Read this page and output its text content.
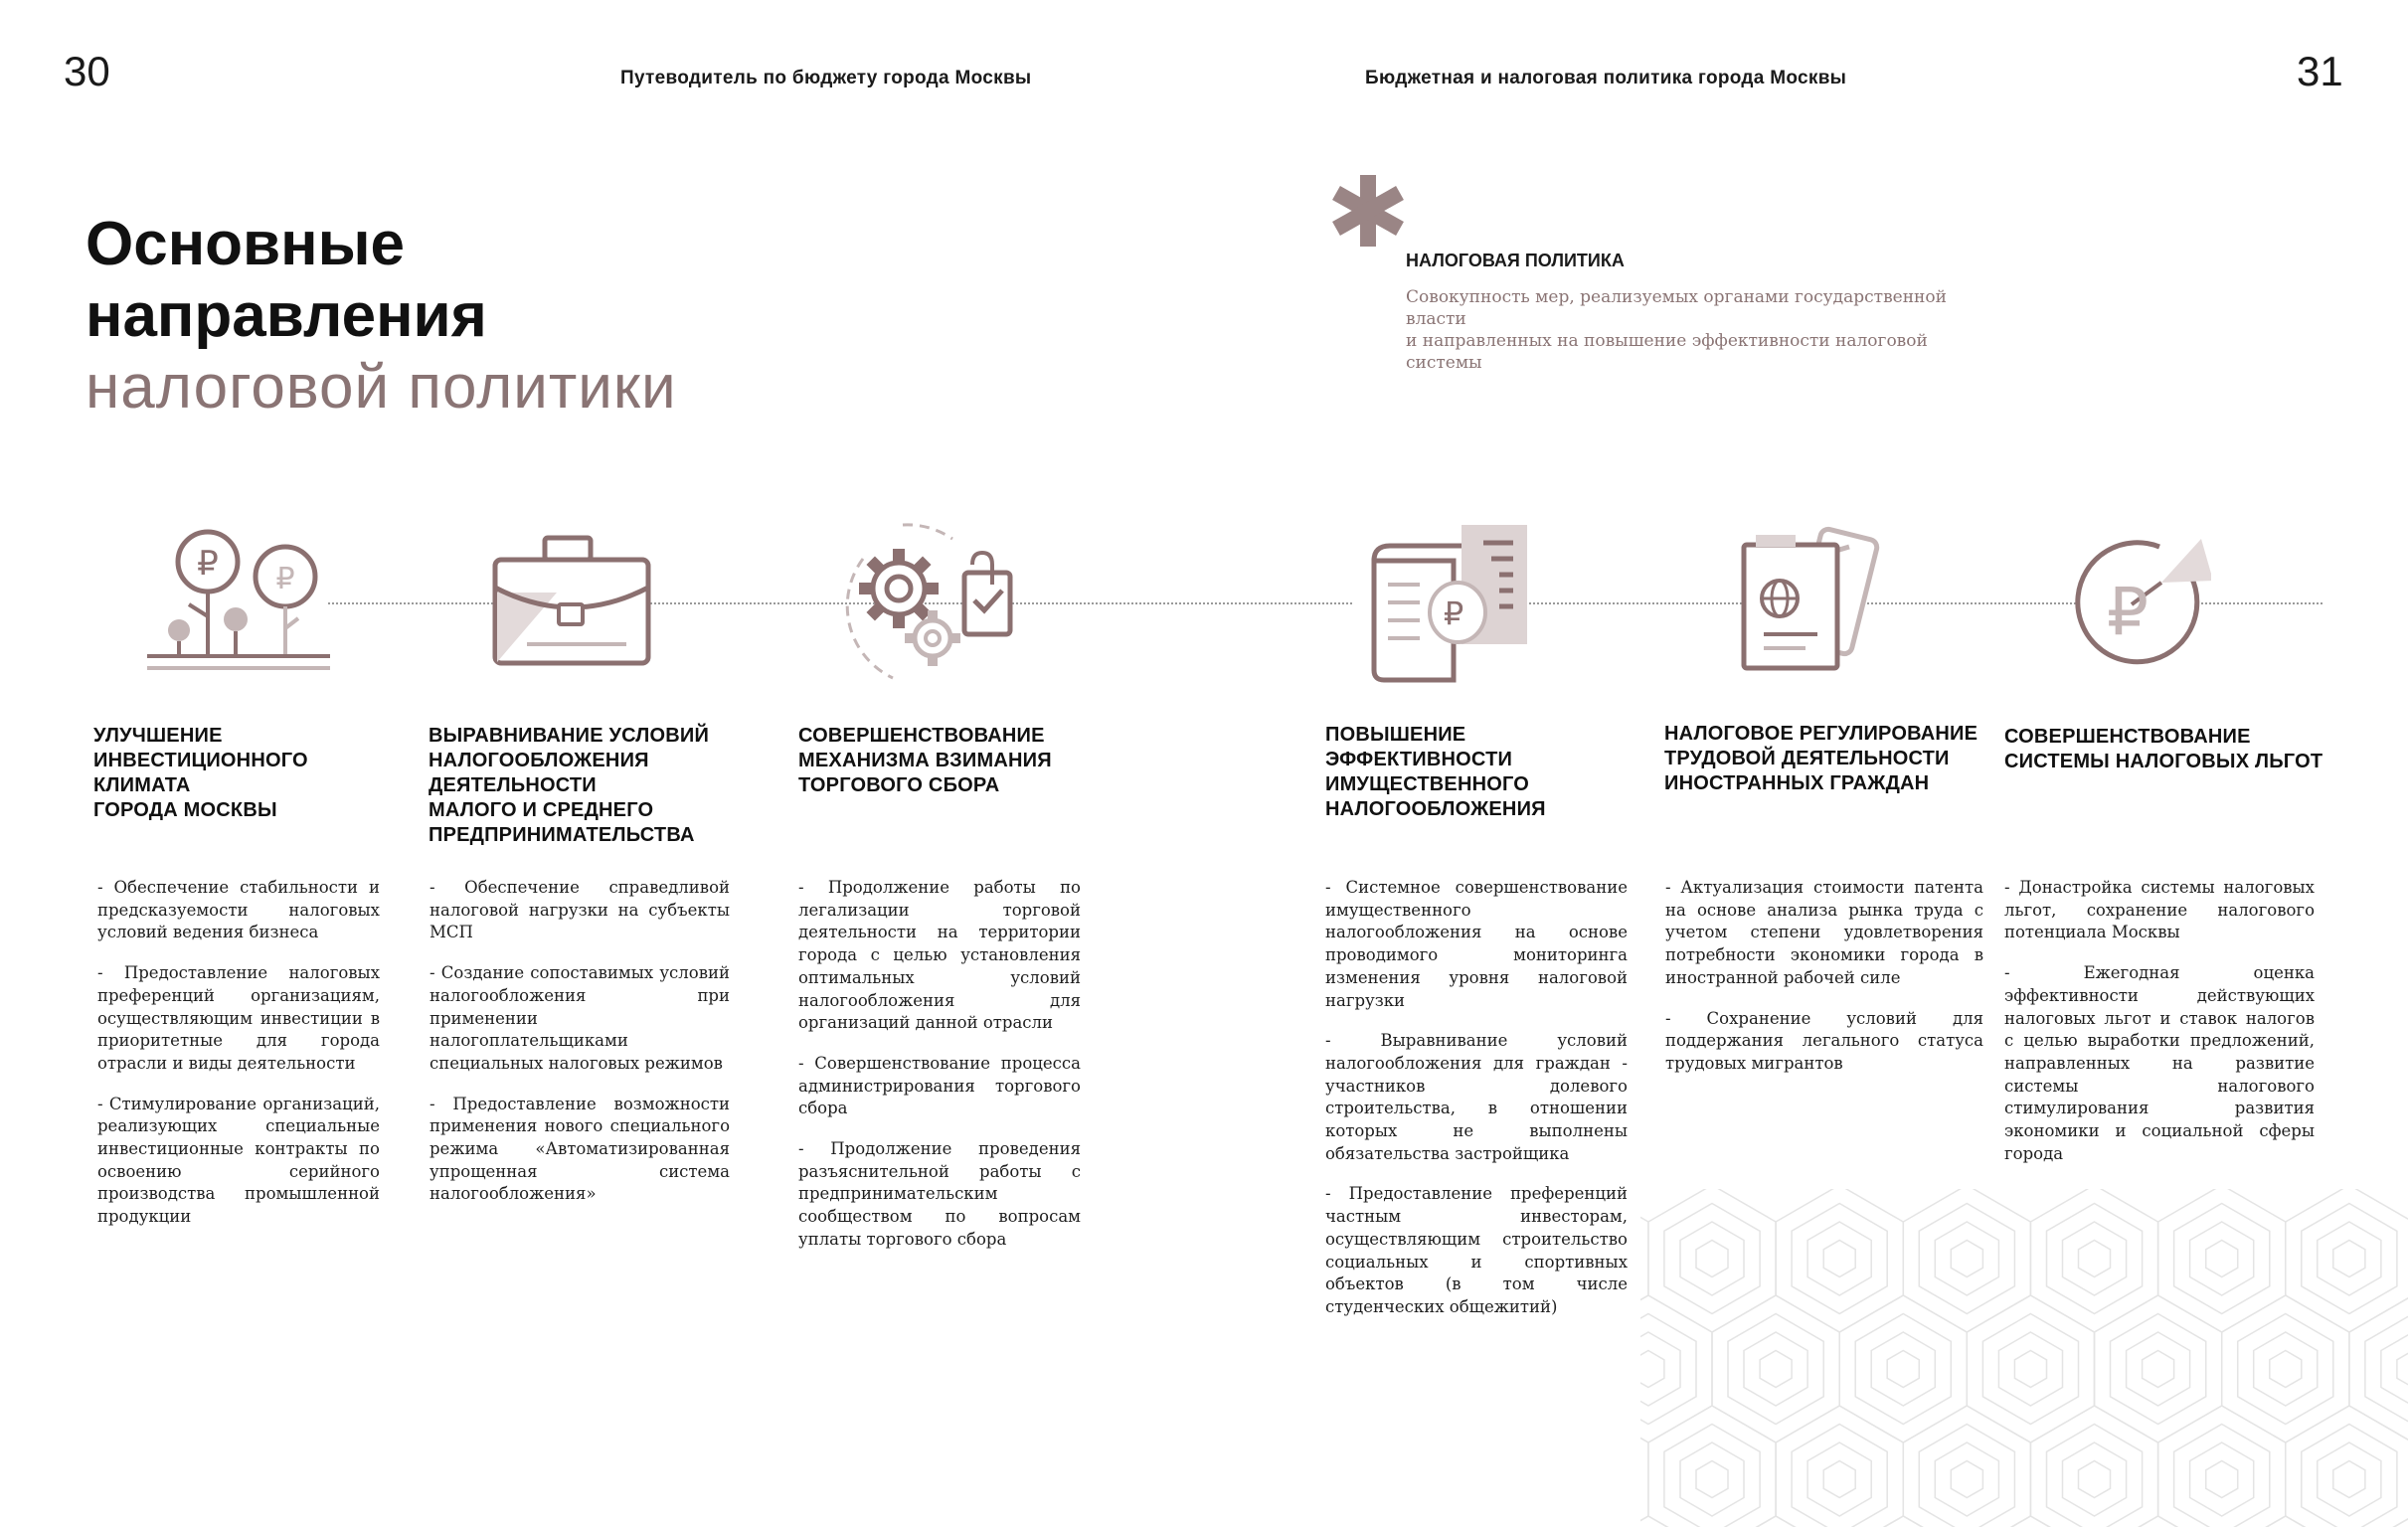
30	31
Путеводитель по бюджету города Москвы	Бюджетная и налоговая политика города Москвы
Основные
направления
налоговой политики
НАЛОГОВАЯ ПОЛИТИКА
Совокупность мер, реализуемых органами государственной власти
и направленных на повышение эффективности налоговой системы
₽ ₽
₽	₽
УЛУЧШЕНИЕ
ИНВЕСТИЦИОННОГО КЛИМАТА
ГОРОДА МОСКВЫ
ВЫРАВНИВАНИЕ УСЛОВИЙ
НАЛОГООБЛОЖЕНИЯ
ДЕЯТЕЛЬНОСТИ
МАЛОГО И СРЕДНЕГО
ПРЕДПРИНИМАТЕЛЬСТВА
СОВЕРШЕНСТВОВАНИЕ
МЕХАНИЗМА ВЗИМАНИЯ
ТОРГОВОГО СБОРА
ПОВЫШЕНИЕ ЭФФЕКТИВНОСТИ
ИМУЩЕСТВЕННОГО
НАЛОГООБЛОЖЕНИЯ
НАЛОГОВОЕ РЕГУЛИРОВАНИЕ
ТРУДОВОЙ ДЕЯТЕЛЬНОСТИ
ИНОСТРАННЫХ ГРАЖДАН
СОВЕРШЕНСТВОВАНИЕ
СИСТЕМЫ НАЛОГОВЫХ ЛЬГОТ

- Обеспечение стабильности и предсказуемости налоговых условий ведения бизнеса

- Предоставление налоговых преференций организациям, осуществляющим инвестиции в приоритетные для города отрасли и виды деятельности

- Стимулирование организаций, реализующих специальные инвестиционные контракты по освоению серийного производства промышленной продукции

- Обеспечение справедливой налоговой нагрузки на субъекты МСП

- Создание сопоставимых условий налогообложения при применении налогоплательщиками специальных налоговых режимов

- Предоставление возможности применения нового специального режима «Автоматизированная упрощенная система налогообложения»

- Продолжение работы по легализации торговой деятельности на территории города с целью установления оптимальных условий налогообложения для организаций данной отрасли

- Совершенствование процесса администрирования торгового сбора

- Продолжение проведения разъяснительной работы с предпринимательским сообществом по вопросам уплаты торгового сбора

- Системное совершенствование имущественного налогообложения на основе проводимого мониторинга изменения уровня налоговой нагрузки

- Выравнивание условий налогообложения для граждан - участников долевого строительства, в отношении которых не выполнены обязательства застройщика

- Предоставление преференций частным инвесторам, осуществляющим строительство социальных и спортивных объектов (в том числе студенческих общежитий)

- Актуализация стоимости патента на основе анализа рынка труда с учетом степени удовлетворения потребности экономики города в иностранной рабочей силе

- Сохранение условий для поддержания легального статуса трудовых мигрантов

- Донастройка системы налоговых льгот, сохранение налогового потенциала Москвы

- Ежегодная оценка эффективности действующих налоговых льгот и ставок налогов с целью выработки предложений, направленных на развитие системы налогового стимулирования развития экономики и социальной сферы города
